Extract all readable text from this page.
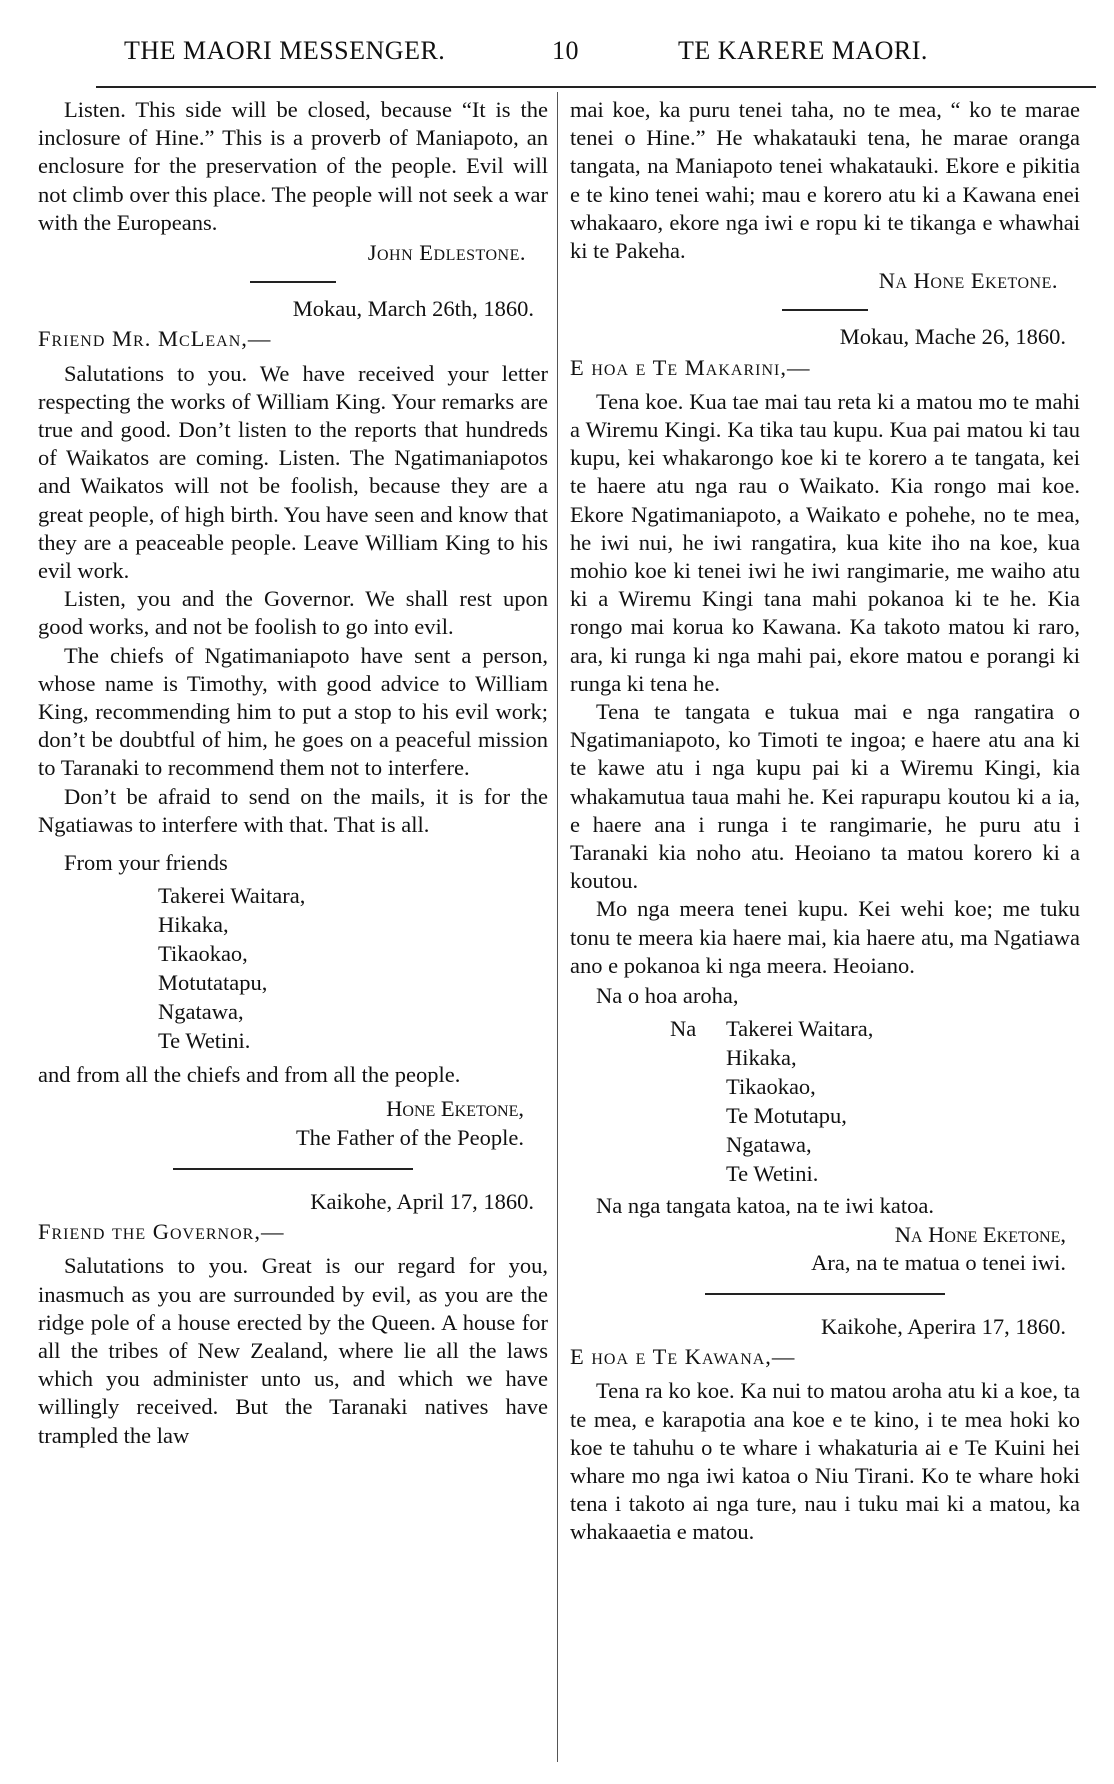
THE MAORI MESSENGER.	10	TE KARERE MAORI.

Listen. This side will be closed, because “It is the inclosure of Hine.” This is a proverb of Maniapoto, an enclosure for the preservation of the people. Evil will not climb over this place. The people will not seek a war with the Europeans.

John Edlestone.
Mokau, March 26th, 1860.
Friend Mr. McLean,—

Salutations to you. We have received your letter respecting the works of William King. Your remarks are true and good. Don’t listen to the reports that hundreds of Waikatos are coming. Listen. The Ngatimaniapotos and Waikatos will not be foolish, because they are a great people, of high birth. You have seen and know that they are a peaceable people. Leave William King to his evil work.

Listen, you and the Governor. We shall rest upon good works, and not be foolish to go into evil.

The chiefs of Ngatimaniapoto have sent a person, whose name is Timothy, with good advice to William King, recommending him to put a stop to his evil work; don’t be doubtful of him, he goes on a peaceful mission to Taranaki to recommend them not to interfere.

Don’t be afraid to send on the mails, it is for the Ngatiawas to interfere with that. That is all.

From your friends
Takerei Waitara,
Hikaka,
Tikaokao,
Motutatapu,
Ngatawa,
Te Wetini.
and from all the chiefs and from all the people.
Hone Eketone,
The Father of the People.
Kaikohe, April 17, 1860.
Friend the Governor,—

Salutations to you. Great is our regard for you, inasmuch as you are surrounded by evil, as you are the ridge pole of a house erected by the Queen. A house for all the tribes of New Zealand, where lie all the laws which you administer unto us, and which we have willingly received. But the Taranaki natives have trampled the law

mai koe, ka puru tenei taha, no te mea, “ ko te marae tenei o Hine.” He whakatauki tena, he marae oranga tangata, na Maniapoto tenei whakatauki. Ekore e pikitia e te kino tenei wahi; mau e korero atu ki a Kawana enei whakaaro, ekore nga iwi e ropu ki te tikanga e whawhai ki te Pakeha.

Na Hone Eketone.
Mokau, Mache 26, 1860.
E hoa e Te Makarini,—

Tena koe. Kua tae mai tau reta ki a matou mo te mahi a Wiremu Kingi. Ka tika tau kupu. Kua pai matou ki tau kupu, kei whakarongo koe ki te korero a te tangata, kei te haere atu nga rau o Waikato. Kia rongo mai koe. Ekore Ngatimaniapoto, a Waikato e pohehe, no te mea, he iwi nui, he iwi rangatira, kua kite iho na koe, kua mohio koe ki tenei iwi he iwi rangimarie, me waiho atu ki a Wiremu Kingi tana mahi pokanoa ki te he. Kia rongo mai korua ko Kawana. Ka takoto matou ki raro, ara, ki runga ki nga mahi pai, ekore matou e porangi ki runga ki tena he.

Tena te tangata e tukua mai e nga rangatira o Ngatimaniapoto, ko Timoti te ingoa; e haere atu ana ki te kawe atu i nga kupu pai ki a Wiremu Kingi, kia whakamutua taua mahi he. Kei rapurapu koutou ki a ia, e haere ana i runga i te rangimarie, he puru atu i Taranaki kia noho atu. Heoiano ta matou korero ki a koutou.

Mo nga meera tenei kupu. Kei wehi koe; me tuku tonu te meera kia haere mai, kia haere atu, ma Ngatiawa ano e pokanoa ki nga meera. Heoiano.

Na o hoa aroha,
Na Takerei Waitara,
Hikaka,
Tikaokao,
Te Motutapu,
Ngatawa,
Te Wetini.
Na nga tangata katoa, na te iwi katoa.
Na Hone Eketone,
Ara, na te matua o tenei iwi.
Kaikohe, Aperira 17, 1860.
E hoa e Te Kawana,—

Tena ra ko koe. Ka nui to matou aroha atu ki a koe, ta te mea, e karapotia ana koe e te kino, i te mea hoki ko koe te tahuhu o te whare i whakaturia ai e Te Kuini hei whare mo nga iwi katoa o Niu Tirani. Ko te whare hoki tena i takoto ai nga ture, nau i tuku mai ki a matou, ka whakaaetia e matou.
